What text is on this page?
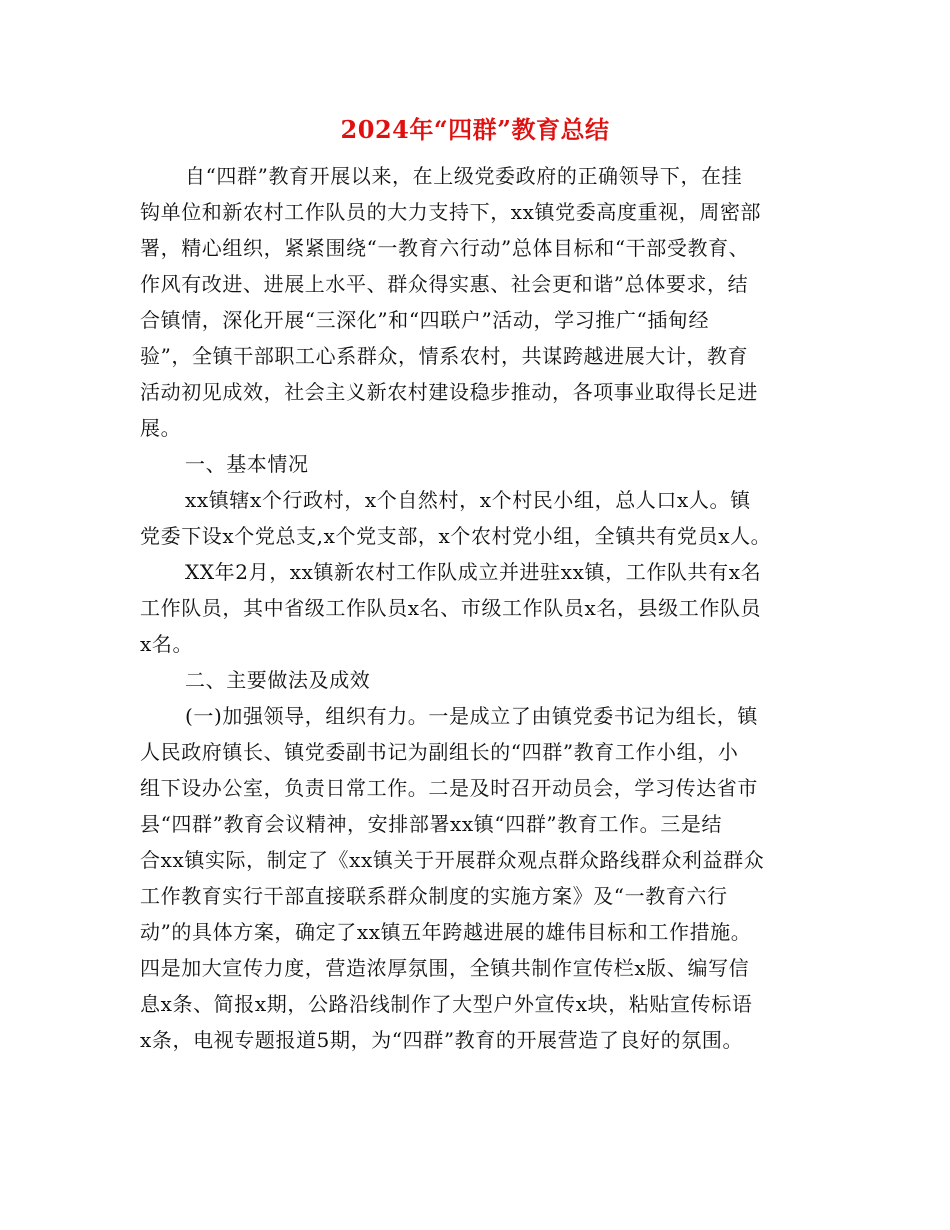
2024年“四群”教育总结
自“四群”教育开展以来，在上级党委政府的正确领导下，在挂
钩单位和新农村工作队员的大力支持下，xx镇党委高度重视，周密部
署，精心组织，紧紧围绕“一教育六行动”总体目标和“干部受教育、
作风有改进、进展上水平、群众得实惠、社会更和谐”总体要求，结
合镇情，深化开展“三深化”和“四联户”活动，学习推广“插甸经
验”，全镇干部职工心系群众，情系农村，共谋跨越进展大计，教育
活动初见成效，社会主义新农村建设稳步推动，各项事业取得长足进
展。
一、基本情况
xx镇辖x个行政村，x个自然村，x个村民小组，总人口x人。镇
党委下设x个党总支,x个党支部，x个农村党小组，全镇共有党员x人。
XX年2月，xx镇新农村工作队成立并进驻xx镇，工作队共有x名
工作队员，其中省级工作队员x名、市级工作队员x名，县级工作队员
x名。
二、主要做法及成效
(一)加强领导，组织有力。一是成立了由镇党委书记为组长，镇
人民政府镇长、镇党委副书记为副组长的“四群”教育工作小组，小
组下设办公室，负责日常工作。二是及时召开动员会，学习传达省市
县“四群”教育会议精神，安排部署xx镇“四群”教育工作。三是结
合xx镇实际，制定了《xx镇关于开展群众观点群众路线群众利益群众
工作教育实行干部直接联系群众制度的实施方案》及“一教育六行
动”的具体方案，确定了xx镇五年跨越进展的雄伟目标和工作措施。
四是加大宣传力度，营造浓厚氛围，全镇共制作宣传栏x版、编写信
息x条、简报x期，公路沿线制作了大型户外宣传x块，粘贴宣传标语
x条，电视专题报道5期，为“四群”教育的开展营造了良好的氛围。
